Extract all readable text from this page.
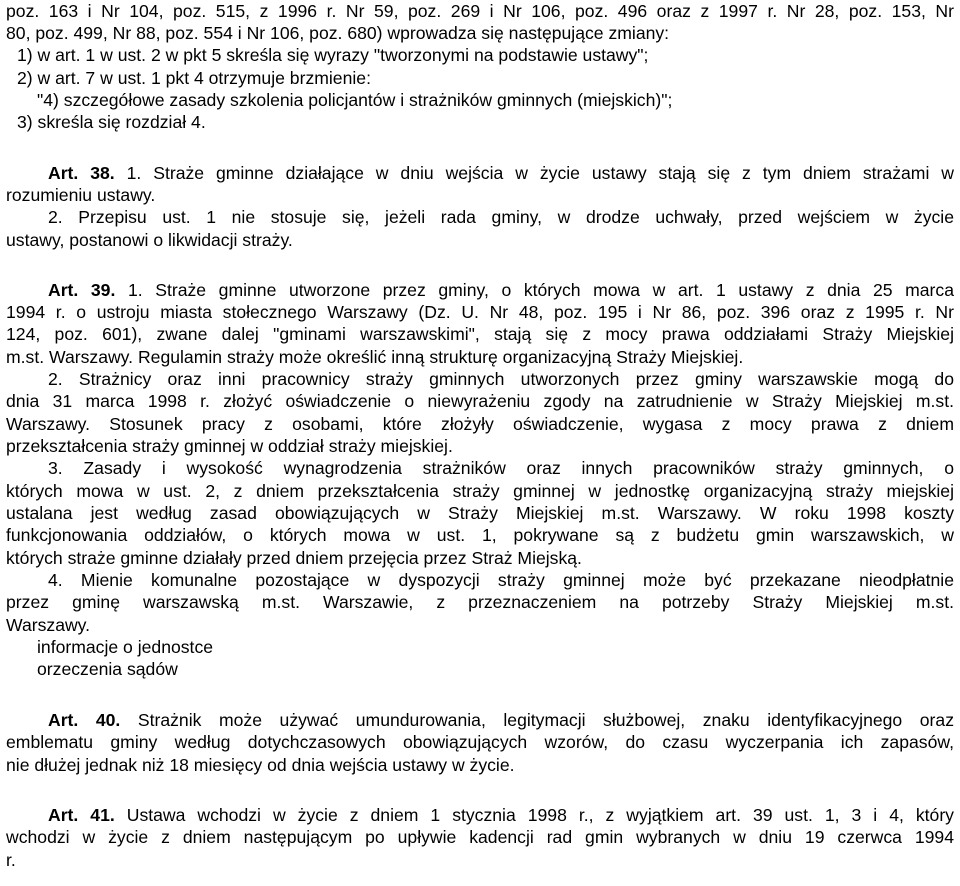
poz. 163 i Nr 104, poz. 515, z 1996 r. Nr 59, poz. 269 i Nr 106, poz. 496 oraz z 1997 r. Nr 28, poz. 153, Nr
80, poz. 499, Nr 88, poz. 554 i Nr 106, poz. 680) wprowadza się następujące zmiany:
1) w art. 1 w ust. 2 w pkt 5 skreśla się wyrazy "tworzonymi na podstawie ustawy";
2) w art. 7 w ust. 1 pkt 4 otrzymuje brzmienie:
"4) szczegółowe zasady szkolenia policjantów i strażników gminnych (miejskich)";
3) skreśla się rozdział 4.
Art. 38. 1. Straże gminne działające w dniu wejścia w życie ustawy stają się z tym dniem strażami w
rozumieniu ustawy.
2. Przepisu ust. 1 nie stosuje się, jeżeli rada gminy, w drodze uchwały, przed wejściem w życie
ustawy, postanowi o likwidacji straży.
Art. 39. 1. Straże gminne utworzone przez gminy, o których mowa w art. 1 ustawy z dnia 25 marca
1994 r. o ustroju miasta stołecznego Warszawy (Dz. U. Nr 48, poz. 195 i Nr 86, poz. 396 oraz z 1995 r. Nr
124, poz. 601), zwane dalej "gminami warszawskimi", stają się z mocy prawa oddziałami Straży Miejskiej
m.st. Warszawy. Regulamin straży może określić inną strukturę organizacyjną Straży Miejskiej.
2. Strażnicy oraz inni pracownicy straży gminnych utworzonych przez gminy warszawskie mogą do
dnia 31 marca 1998 r. złożyć oświadczenie o niewyrażeniu zgody na zatrudnienie w Straży Miejskiej m.st.
Warszawy. Stosunek pracy z osobami, które złożyły oświadczenie, wygasa z mocy prawa z dniem
przekształcenia straży gminnej w oddział straży miejskiej.
3. Zasady i wysokość wynagrodzenia strażników oraz innych pracowników straży gminnych, o
których mowa w ust. 2, z dniem przekształcenia straży gminnej w jednostkę organizacyjną straży miejskiej
ustalana jest według zasad obowiązujących w Straży Miejskiej m.st. Warszawy. W roku 1998 koszty
funkcjonowania oddziałów, o których mowa w ust. 1, pokrywane są z budżetu gmin warszawskich, w
których straże gminne działały przed dniem przejęcia przez Straż Miejską.
4. Mienie komunalne pozostające w dyspozycji straży gminnej może być przekazane nieodpłatnie
przez gminę warszawską m.st. Warszawie, z przeznaczeniem na potrzeby Straży Miejskiej m.st.
Warszawy.
informacje o jednostce
orzeczenia sądów
Art. 40. Strażnik może używać umundurowania, legitymacji służbowej, znaku identyfikacyjnego oraz
emblematu gminy według dotychczasowych obowiązujących wzorów, do czasu wyczerpania ich zapasów,
nie dłużej jednak niż 18 miesięcy od dnia wejścia ustawy w życie.
Art. 41. Ustawa wchodzi w życie z dniem 1 stycznia 1998 r., z wyjątkiem art. 39 ust. 1, 3 i 4, który
wchodzi w życie z dniem następującym po upływie kadencji rad gmin wybranych w dniu 19 czerwca 1994
r.
